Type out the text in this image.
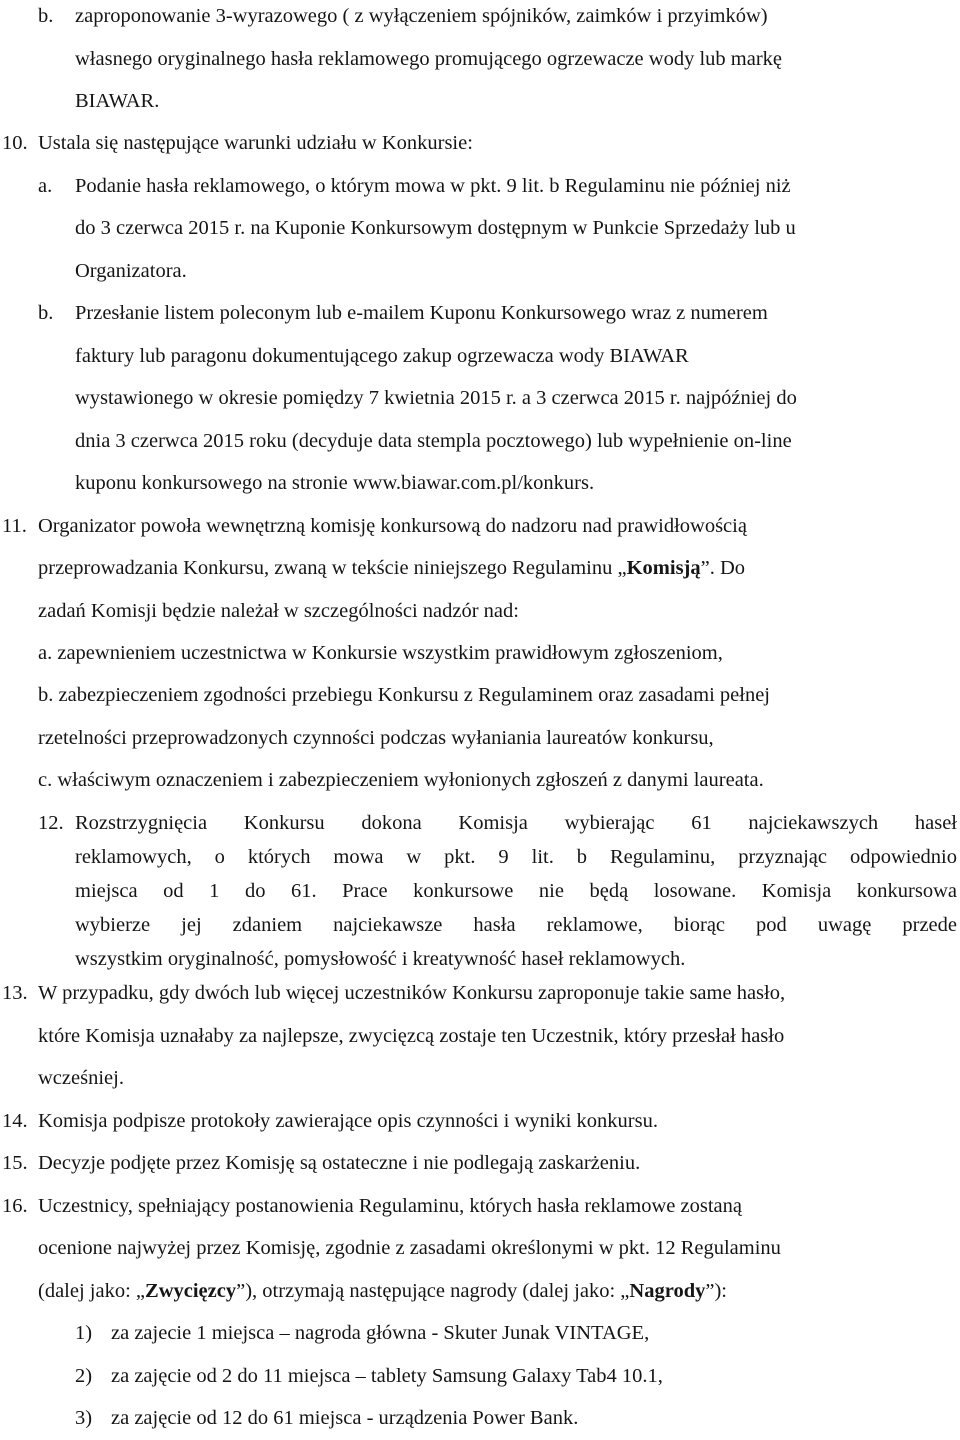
b. zaproponowanie 3-wyrazowego ( z wyłączeniem spójników, zaimków i przyimków)
własnego oryginalnego hasła reklamowego promującego ogrzewacze wody lub markę
BIAWAR.
10. Ustala się następujące warunki udziału w Konkursie:
a. Podanie hasła reklamowego, o którym mowa w pkt. 9 lit. b Regulaminu nie później niż
do 3 czerwca 2015 r. na Kuponie Konkursowym dostępnym w Punkcie Sprzedaży lub u
Organizatora.
b. Przesłanie listem poleconym lub e-mailem Kuponu Konkursowego wraz z numerem
faktury lub paragonu dokumentującego zakup ogrzewacza wody BIAWAR
wystawionego w okresie pomiędzy 7 kwietnia 2015 r. a 3 czerwca 2015 r. najpóźniej do
dnia 3 czerwca 2015 roku (decyduje data stempla pocztowego) lub wypełnienie on-line
kuponu konkursowego na stronie www.biawar.com.pl/konkurs.
11. Organizator powoła wewnętrzną komisję konkursową do nadzoru nad prawidłowością
przeprowadzania Konkursu, zwaną w tekście niniejszego Regulaminu „Komisją”. Do
zadań Komisji będzie należał w szczególności nadzór nad:
a. zapewnieniem uczestnictwa w Konkursie wszystkim prawidłowym zgłoszeniom,
b. zabezpieczeniem zgodności przebiegu Konkursu z Regulaminem oraz zasadami pełnej
rzetelności przeprowadzonych czynności podczas wyłaniania laureatów konkursu,
c. właściwym oznaczeniem i zabezpieczeniem wyłonionych zgłoszeń z danymi laureata.
12. Rozstrzygnięcia Konkursu dokona Komisja wybierając 61 najciekawszych haseł
reklamowych, o których mowa w pkt. 9 lit. b Regulaminu, przyznając odpowiednio
miejsca od 1 do 61. Prace konkursowe nie będą losowane. Komisja konkursowa
wybierze jej zdaniem najciekawsze hasła reklamowe, biorąc pod uwagę przede
wszystkim oryginalność, pomysłowość i kreatywność haseł reklamowych.
13. W przypadku, gdy dwóch lub więcej uczestników Konkursu zaproponuje takie same hasło,
które Komisja uznałaby za najlepsze, zwycięzcą zostaje ten Uczestnik, który przesłał hasło
wcześniej.
14. Komisja podpisze protokoły zawierające opis czynności i wyniki konkursu.
15. Decyzje podjęte przez Komisję są ostateczne i nie podlegają zaskarżeniu.
16. Uczestnicy, spełniający postanowienia Regulaminu, których hasła reklamowe zostaną
ocenione najwyżej przez Komisję, zgodnie z zasadami określonymi w pkt. 12 Regulaminu
(dalej jako: „Zwycięzcy”), otrzymają następujące nagrody (dalej jako: „Nagrody”):
1) za zajecie 1 miejsca – nagroda główna - Skuter Junak VINTAGE,
2) za zajęcie od 2 do 11 miejsca – tablety Samsung Galaxy Tab4 10.1,
3) za zajęcie od 12 do 61 miejsca - urządzenia Power Bank.
